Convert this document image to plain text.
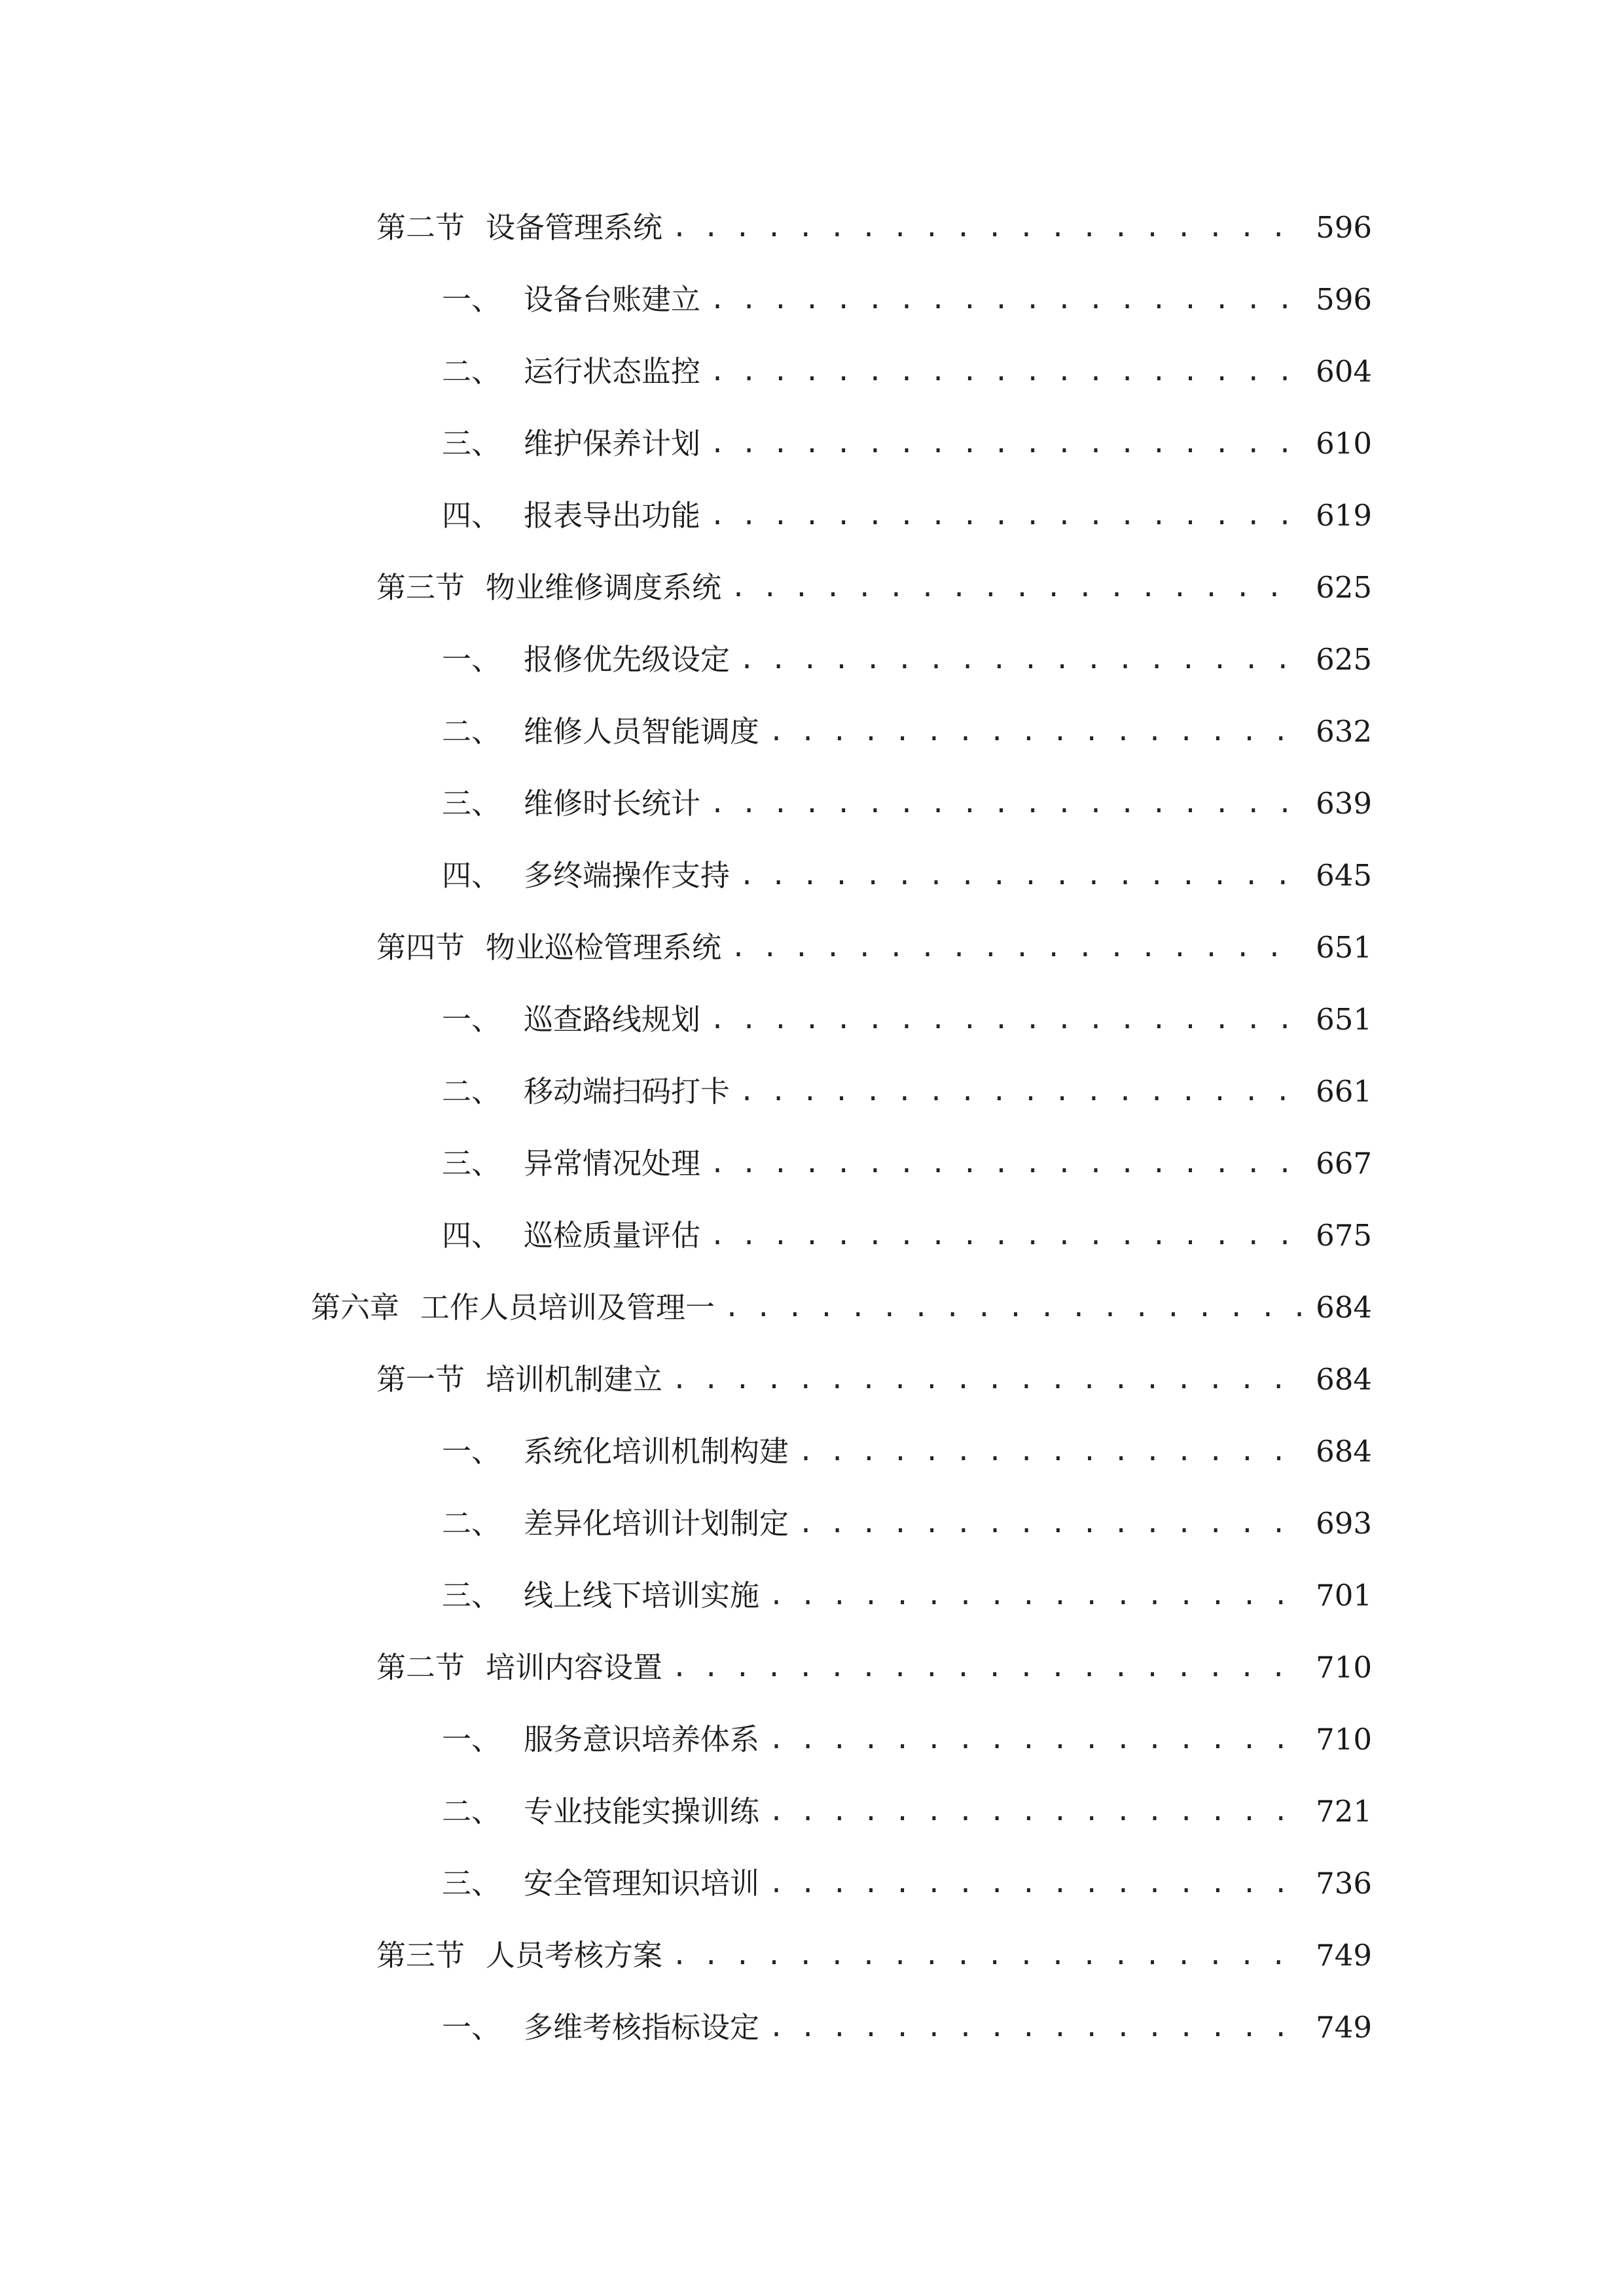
第二节 设备管理系统 . . .	596
一、 设备台账建立 . . .	596
二、 运行状态监控 . . .	604
三、 维护保养计划 . . .	610
四、 报表导出功能 . . .	619
第三节 物业维修调度系统 . . .	625
一、 报修优先级设定 . . .	625
二、 维修人员智能调度 . . .	632
三、 维修时长统计 . . .	639
四、 多终端操作支持 . . .	645
第四节 物业巡检管理系统 . . .	651
一、 巡查路线规划 . . .	651
二、 移动端扫码打卡 . . .	661
三、 异常情况处理 . . .	667
四、 巡检质量评估 . . .	675
第六章 工作人员培训及管理一 . . .	684
第一节 培训机制建立 . . .	684
一、 系统化培训机制构建 . . .	684
二、 差异化培训计划制定 . . .	693
三、 线上线下培训实施 . . .	701
第二节 培训内容设置 . . .	710
一、 服务意识培养体系 . . .	710
二、 专业技能实操训练 . . .	721
三、 安全管理知识培训 . . .	736
第三节 人员考核方案 . . .	749
一、 多维考核指标设定 . . .	749
